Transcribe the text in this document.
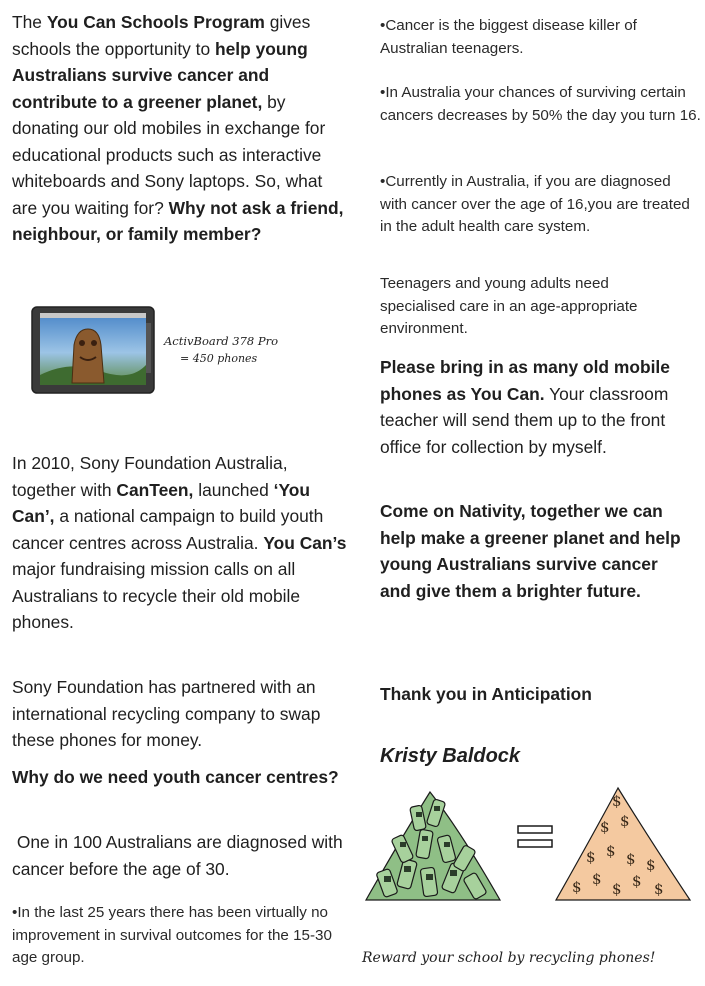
The You Can Schools Program gives schools the opportunity to help young Australians survive cancer and contribute to a greener planet, by donating our old mobiles in exchange for educational products such as interactive whiteboards and Sony laptops. So, what are you waiting for? Why not ask a friend, neighbour, or family member?

ActivBoard 378 Pro
= 450 phones

In 2010, Sony Foundation Australia, together with CanTeen, launched ‘You Can’, a national campaign to build youth cancer centres across Australia. You Can’s major fundraising mission calls on all Australians to recycle their old mobile phones.

Sony Foundation has partnered with an international recycling company to swap these phones for money.

Why do we need youth cancer centres?

One in 100 Australians are diagnosed with cancer before the age of 30.

•In the last 25 years there has been virtually no improvement in survival outcomes for the 15-30 age group.

•Cancer is the biggest disease killer of Australian teenagers.

•In Australia your chances of surviving certain cancers decreases by 50% the day you turn 16.

•Currently in Australia, if you are diagnosed with cancer over the age of 16,you are treated in the adult health care system.

Teenagers and young adults need specialised care in an age-appropriate environment.

Please bring in as many old mobile phones as You Can. Your classroom teacher will send them up to the front office for collection by myself.

Come on Nativity, together we can help make a greener planet and help young Australians survive cancer and give them a brighter future.

Thank you in Anticipation

Kristy Baldock

$ $
$ $ $
$ $ $ $
$ $
$

Reward your school by recycling phones!
